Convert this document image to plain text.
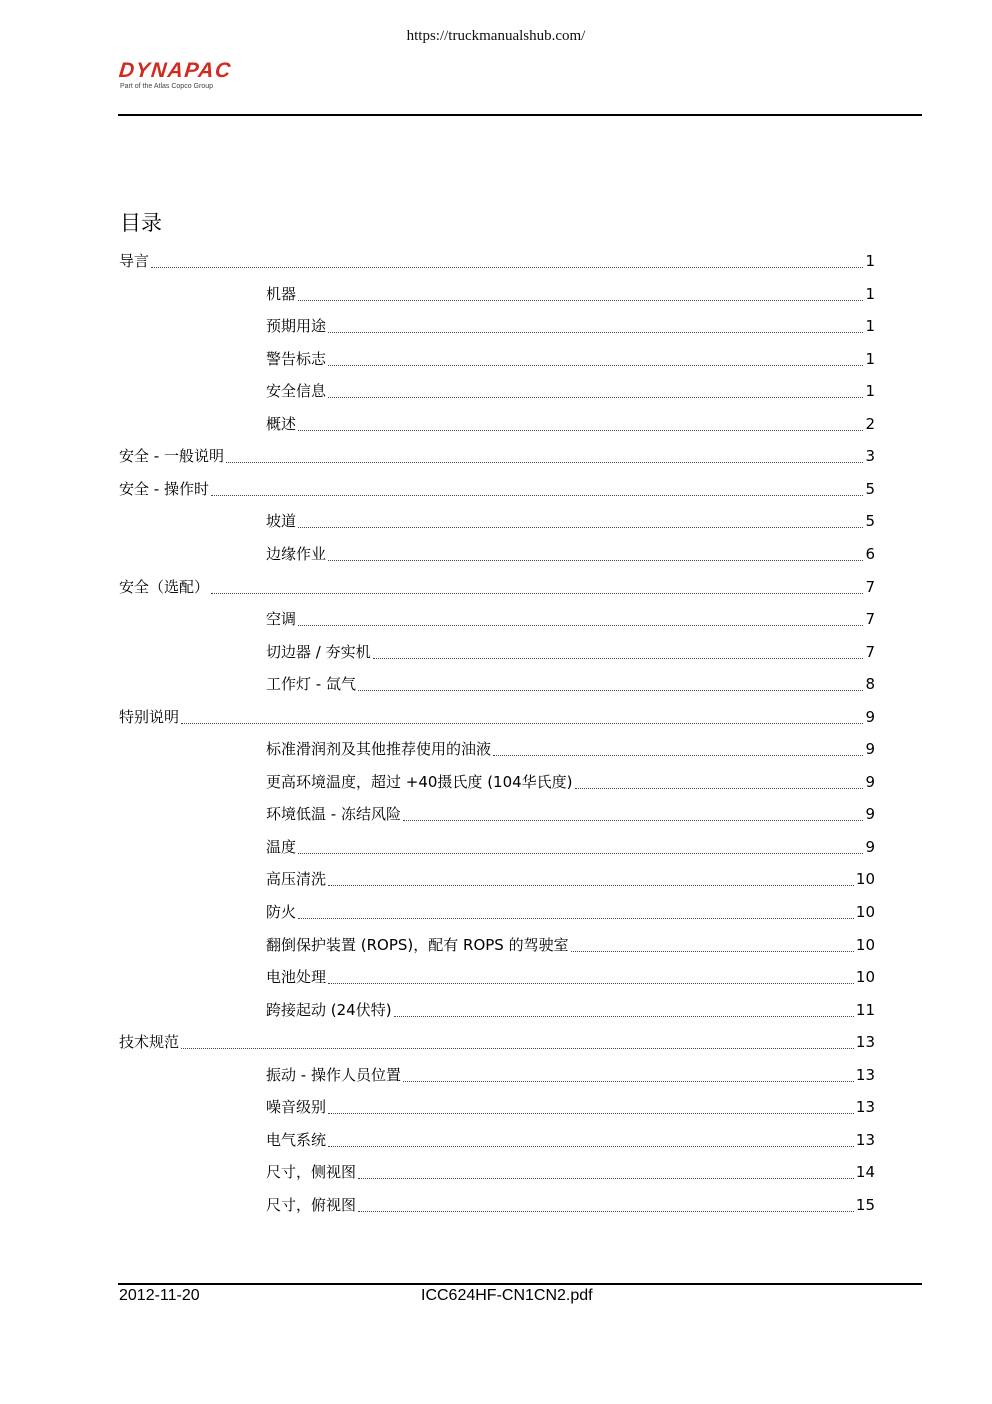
https://truckmanualshub.com/
DYNAPAC
Part of the Atlas Copco Group
目录
导言	1
机器	1
预期用途	1
警告标志	1
安全信息	1
概述	2
安全 - 一般说明	3
安全 - 操作时	5
坡道	5
边缘作业	6
安全（选配）	7
空调	7
切边器 / 夯实机	7
工作灯 - 氙气	8
特别说明	9
标准滑润剂及其他推荐使用的油液	9
更高环境温度，超过 +40摄氏度 (104华氏度)	9
环境低温 - 冻结风险	9
温度	9
高压清洗	10
防火	10
翻倒保护装置 (ROPS)，配有 ROPS 的驾驶室	10
电池处理	10
跨接起动 (24伏特)	11
技术规范	13
振动 - 操作人员位置	13
噪音级别	13
电气系统	13
尺寸，侧视图	14
尺寸，俯视图	15
2012-11-20	ICC624HF-CN1CN2.pdf
